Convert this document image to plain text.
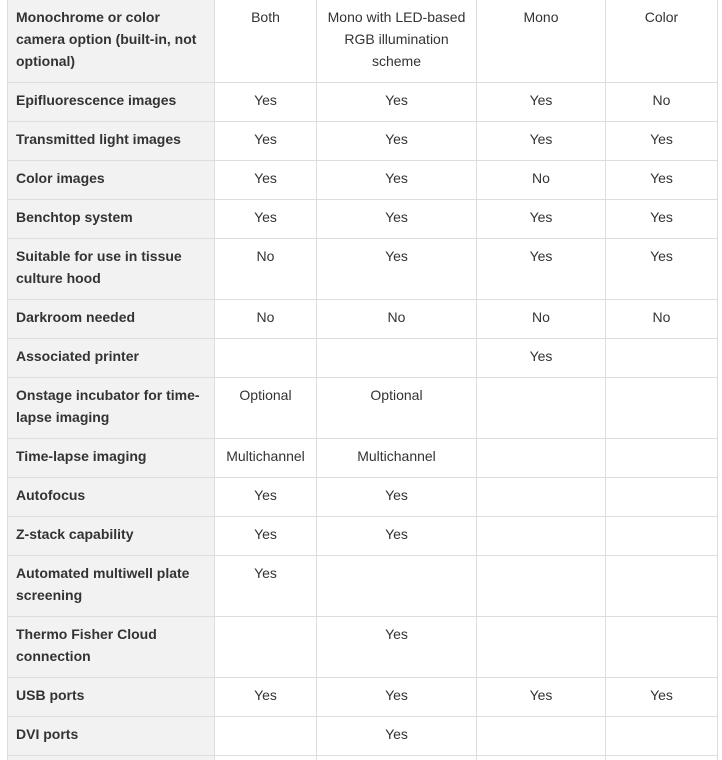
Monochrome or color camera option (built-in, not optional)	Both	Mono with LED-based RGB illumination scheme	Mono	Color
Epifluorescence images	Yes	Yes	Yes	No
Transmitted light images	Yes	Yes	Yes	Yes
Color images	Yes	Yes	No	Yes
Benchtop system	Yes	Yes	Yes	Yes
Suitable for use in tissue culture hood	No	Yes	Yes	Yes
Darkroom needed	No	No	No	No
Associated printer			Yes	
Onstage incubator for time-lapse imaging	Optional	Optional		
Time-lapse imaging	Multichannel	Multichannel		
Autofocus	Yes	Yes		
Z-stack capability	Yes	Yes		
Automated multiwell plate screening	Yes			
Thermo Fisher Cloud connection		Yes		
USB ports	Yes	Yes	Yes	Yes
DVI ports		Yes		
